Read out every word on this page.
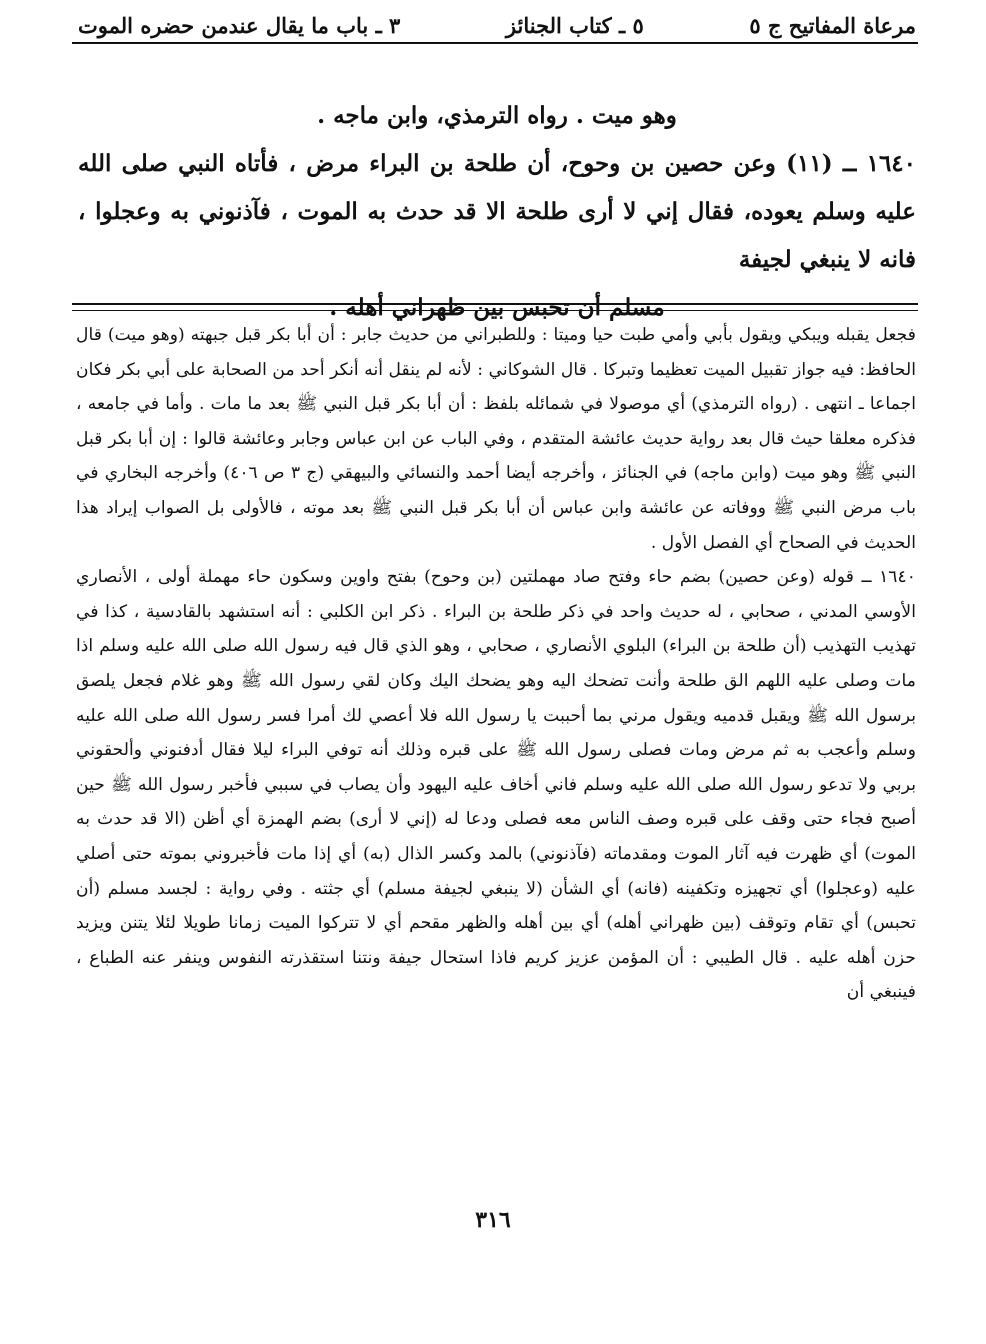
مرعاة المفاتيح ج ٥
٥ ـ كتاب الجنائز
٣ ـ باب ما يقال عندمن حضره الموت

وهو ميت . رواه الترمذي، وابن ماجه .

١٦٤٠ ــ (١١) وعن حصين بن وحوح، أن طلحة بن البراء مرض ، فأتاه النبي صلى الله عليه وسلم يعوده، فقال إني لا أرى طلحة الا قد حدث به الموت ، فآذنوني به وعجلوا ، فانه لا ينبغي لجيفة

مسلم أن تحبس بين ظهراني أهله .

فجعل يقبله ويبكي ويقول بأبي وأمي طبت حيا وميتا : وللطبراني من حديث جابر : أن أبا بكر قبل جبهته (وهو ميت) قال الحافظ: فيه جواز تقبيل الميت تعظيما وتبركا . قال الشوكاني : لأنه لم ينقل أنه أنكر أحد من الصحابة على أبي بكر فكان اجماعا ـ انتهى . (رواه الترمذي) أي موصولا في شمائله بلفظ : أن أبا بكر قبل النبي ﷺ بعد ما مات . وأما في جامعه ، فذكره معلقا حيث قال بعد رواية حديث عائشة المتقدم ، وفي الباب عن ابن عباس وجابر وعائشة قالوا : إن أبا بكر قبل النبي ﷺ وهو ميت (وابن ماجه) في الجنائز ، وأخرجه أيضا أحمد والنسائي والبيهقي (ج ٣ ص ٤٠٦) وأخرجه البخاري في باب مرض النبي ﷺ ووفاته عن عائشة وابن عباس أن أبا بكر قبل النبي ﷺ بعد موته ، فالأولى بل الصواب إيراد هذا الحديث في الصحاح أي الفصل الأول .

١٦٤٠ ــ قوله (وعن حصين) بضم حاء وفتح صاد مهملتين (بن وحوح) بفتح واوين وسكون حاء مهملة أولى ، الأنصاري الأوسي المدني ، صحابي ، له حديث واحد في ذكر طلحة بن البراء . ذكر ابن الكلبي : أنه استشهد بالقادسية ، كذا في تهذيب التهذيب (أن طلحة بن البراء) البلوي الأنصاري ، صحابي ، وهو الذي قال فيه رسول الله صلى الله عليه وسلم اذا مات وصلى عليه اللهم الق طلحة وأنت تضحك اليه وهو يضحك اليك وكان لقي رسول الله ﷺ وهو غلام فجعل يلصق برسول الله ﷺ ويقبل قدميه ويقول مرني بما أحببت يا رسول الله فلا أعصي لك أمرا فسر رسول الله صلى الله عليه وسلم وأعجب به ثم مرض ومات فصلى رسول الله ﷺ على قبره وذلك أنه توفي البراء ليلا فقال أدفنوني وألحقوني بربي ولا تدعو رسول الله صلى الله عليه وسلم فاني أخاف عليه اليهود وأن يصاب في سببي فأخبر رسول الله ﷺ حين أصبح فجاء حتى وقف على قبره وصف الناس معه فصلى ودعا له (إني لا أرى) بضم الهمزة أي أظن (الا قد حدث به الموت) أي ظهرت فيه آثار الموت ومقدماته (فآذنوني) بالمد وكسر الذال (به) أي إذا مات فأخبروني بموته حتى أصلي عليه (وعجلوا) أي تجهيزه وتكفينه (فانه) أي الشأن (لا ينبغي لجيفة مسلم) أي جثته . وفي رواية : لجسد مسلم (أن تحبس) أي تقام وتوقف (بين ظهراني أهله) أي بين أهله والظهر مقحم أي لا تتركوا الميت زمانا طويلا لئلا يتنن ويزيد حزن أهله عليه . قال الطيبي : أن المؤمن عزيز كريم فاذا استحال جيفة ونتنا استقذرته النفوس وينفر عنه الطباع ، فينبغي أن

٣١٦
